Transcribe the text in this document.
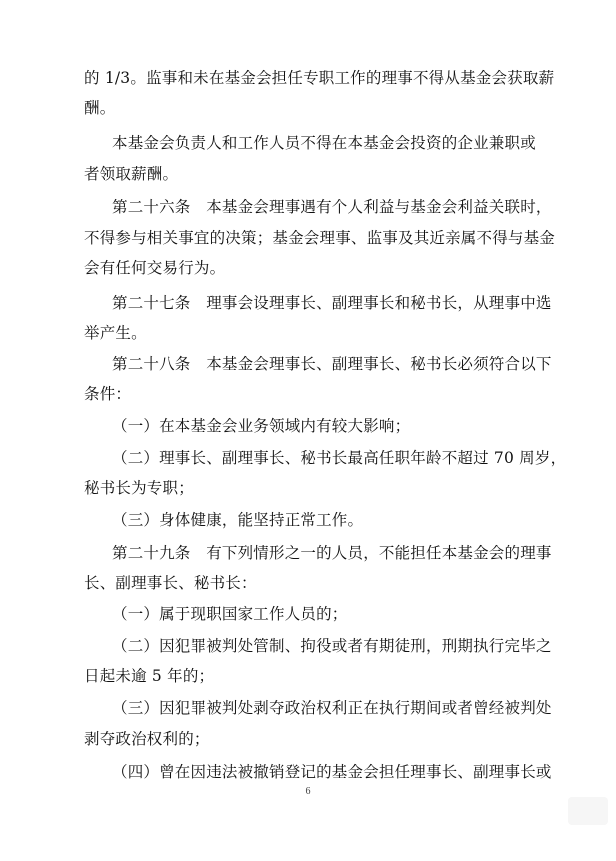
的 1/3。监事和未在基金会担任专职工作的理事不得从基金会获取薪
酬。
本基金会负责人和工作人员不得在本基金会投资的企业兼职或
者领取薪酬。
第二十六条　本基金会理事遇有个人利益与基金会利益关联时，
不得参与相关事宜的决策；基金会理事、监事及其近亲属不得与基金
会有任何交易行为。
第二十七条　理事会设理事长、副理事长和秘书长，从理事中选
举产生。
第二十八条　本基金会理事长、副理事长、秘书长必须符合以下
条件：
（一）在本基金会业务领域内有较大影响；
（二）理事长、副理事长、秘书长最高任职年龄不超过 70 周岁，
秘书长为专职；
（三）身体健康，能坚持正常工作。
第二十九条　有下列情形之一的人员，不能担任本基金会的理事
长、副理事长、秘书长：
（一）属于现职国家工作人员的；
（二）因犯罪被判处管制、拘役或者有期徒刑，刑期执行完毕之
日起未逾 5 年的；
（三）因犯罪被判处剥夺政治权利正在执行期间或者曾经被判处
剥夺政治权利的；
（四）曾在因违法被撤销登记的基金会担任理事长、副理事长或
6
